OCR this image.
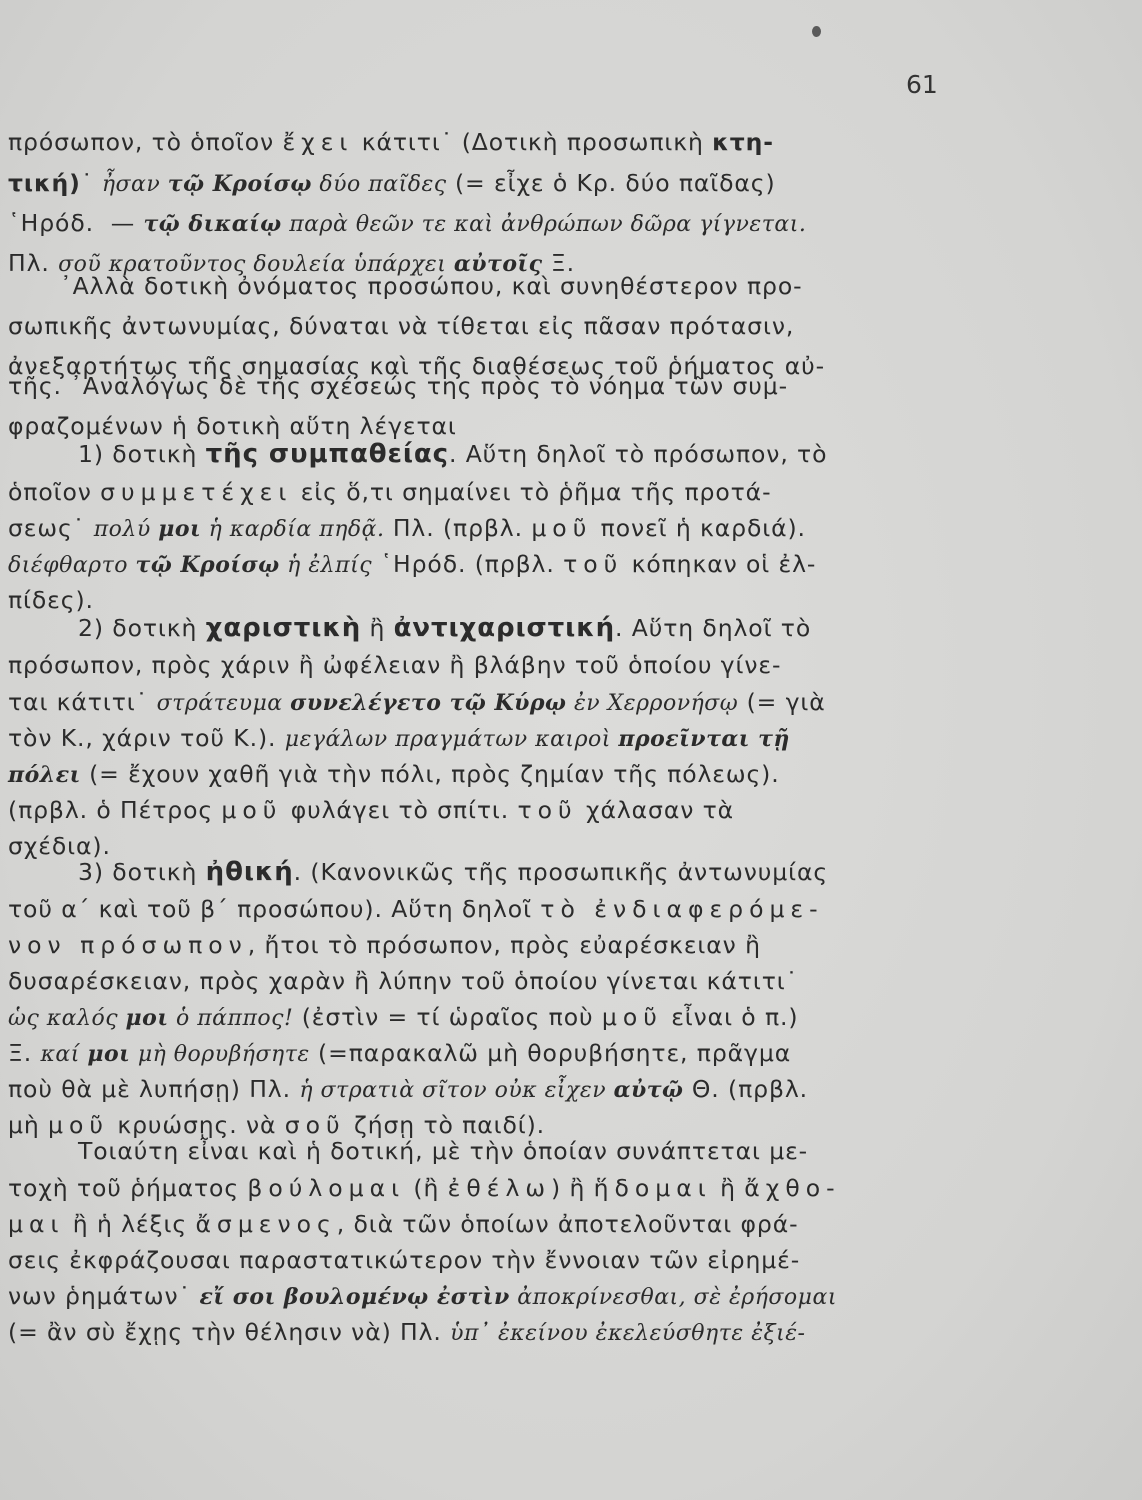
61
πρόσωπον, τὸ ὁποῖον ἔχει κάτιτι˙ (Δοτικὴ προσωπικὴ κτη-
τική)˙ ἦσαν τῷ Κροίσῳ δύο παῖδες (= εἶχε ὁ Κρ. δύο παῖδας)
῾Ηρόδ.  — τῷ δικαίῳ παρὰ θεῶν τε καὶ ἀνθρώπων δῶρα γίγνεται.
Πλ. σοῦ κρατοῦντος δουλεία ὑπάρχει αὐτοῖς Ξ.
᾿Αλλὰ δοτικὴ ὀνόματος προσώπου, καὶ συνηθέστερον προ-
σωπικῆς ἀντωνυμίας, δύναται νὰ τίθεται εἰς πᾶσαν πρότασιν,
ἀνεξαρτήτως τῆς σημασίας καὶ τῆς διαθέσεως τοῦ ῥήματος αὐ-
τῆς. ᾿Αναλόγως δὲ τῆς σχέσεώς της πρὸς τὸ νόημα τῶν συμ-
φραζομένων ἡ δοτικὴ αὕτη λέγεται
1) δοτικὴ τῆς συμπαθείας. Αὕτη δηλοῖ τὸ πρόσωπον, τὸ
ὁποῖον συμμετέχει εἰς ὅ,τι σημαίνει τὸ ῥῆμα τῆς προτά-
σεως˙ πολύ μοι ἡ καρδία πηδᾷ. Πλ. (πρβλ. μοῦ πονεῖ ἡ καρδιά).
διέφθαρτο τῷ Κροίσῳ ἡ ἐλπίς ῾Ηρόδ. (πρβλ. τοῦ κόπηκαν οἱ ἐλ-
πίδες).
2) δοτικὴ χαριστικὴ ἢ ἀντιχαριστική. Αὕτη δηλοῖ τὸ
πρόσωπον, πρὸς χάριν ἢ ὠφέλειαν ἢ βλάβην τοῦ ὁποίου γίνε-
ται κάτιτι˙ στράτευμα συνελέγετο τῷ Κύρῳ ἐν Χερρονήσῳ (= γιὰ
τὸν Κ., χάριν τοῦ Κ.). μεγάλων πραγμάτων καιροὶ προεῖνται τῇ
πόλει (= ἔχουν χαθῆ γιὰ τὴν πόλι, πρὸς ζημίαν τῆς πόλεως).
(πρβλ. ὁ Πέτρος μοῦ φυλάγει τὸ σπίτι. τοῦ χάλασαν τὰ
σχέδια).
3) δοτικὴ ἠθική. (Κανονικῶς τῆς προσωπικῆς ἀντωνυμίας
τοῦ α΄ καὶ τοῦ β΄ προσώπου). Αὕτη δηλοῖ τὸ ἐνδιαφερόμε-
νον πρόσωπον, ἤτοι τὸ πρόσωπον, πρὸς εὐαρέσκειαν ἢ
δυσαρέσκειαν, πρὸς χαρὰν ἢ λύπην τοῦ ὁποίου γίνεται κάτιτι˙
ὡς καλός μοι ὁ πάππος! (ἐστὶν = τί ὡραῖος ποὺ μοῦ εἶναι ὁ π.)
Ξ. καί μοι μὴ θορυβήσητε (=παρακαλῶ μὴ θορυβήσητε, πρᾶγμα
ποὺ θὰ μὲ λυπήσῃ) Πλ. ἡ στρατιὰ σῖτον οὐκ εἶχεν αὐτῷ Θ. (πρβλ.
μὴ μοῦ κρυώσῃς. νὰ σοῦ ζήσῃ τὸ παιδί).
Τοιαύτη εἶναι καὶ ἡ δοτική, μὲ τὴν ὁποίαν συνάπτεται με-
τοχὴ τοῦ ῥήματος βούλομαι (ἢ ἐθέλω) ἢ ἥδομαι ἢ ἄχθο-
μαι ἢ ἡ λέξις ἄσμενος, διὰ τῶν ὁποίων ἀποτελοῦνται φρά-
σεις ἐκφράζουσαι παραστατικώτερον τὴν ἔννοιαν τῶν εἰρημέ-
νων ῥημάτων˙ εἴ σοι βουλομένῳ ἐστὶν ἀποκρίνεσθαι, σὲ ἐρήσομαι
(= ἂν σὺ ἔχῃς τὴν θέλησιν νὰ) Πλ. ὑπ᾿ ἐκείνου ἐκελεύσθητε ἐξιέ-
